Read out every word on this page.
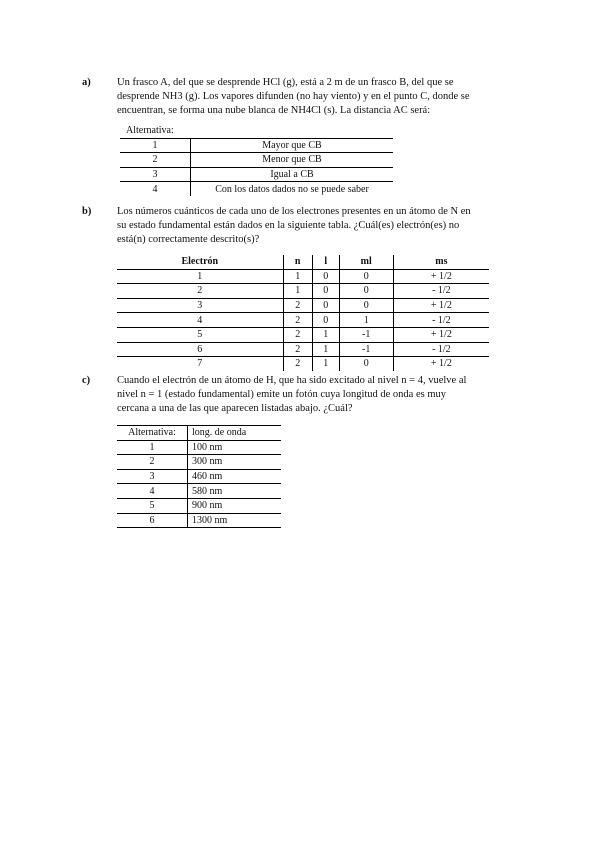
a)	Un frasco A, del que se desprende HCl (g), está a 2 m de un frasco B, del que se
desprende NH3 (g). Los vapores difunden (no hay viento) y en el punto C, donde se
encuentran, se forma una nube blanca de NH4Cl (s). La distancia AC será:
Alternativa:	
1	Mayor que CB
2	Menor que CB
3	Igual a CB
4	Con los datos dados no se puede saber
b) Los números cuánticos de cada uno de los electrones presentes en un átomo de N en
su estado fundamental están dados en la siguiente tabla. ¿Cuál(es) electrón(es) no
está(n) correctamente descrito(s)?
Electrón	n	l	ml	ms
1	1	0	0	+ 1/2
2	1	0	0	- 1/2
3	2	0	0	+ 1/2
4	2	0	1	- 1/2
5	2	1	-1	+ 1/2
6	2	1	-1	- 1/2
7	2	1	0	+ 1/2
c)	Cuando el electrón de un átomo de H, que ha sido excitado al nivel n = 4, vuelve al
nivel n = 1 (estado fundamental) emite un fotón cuya longitud de onda es muy
cercana a una de las que aparecen listadas abajo. ¿Cuál?
Alternativa:	long. de onda
1	100 nm
2	300 nm
3	460 nm
4	580 nm
5	900 nm
6	1300 nm
